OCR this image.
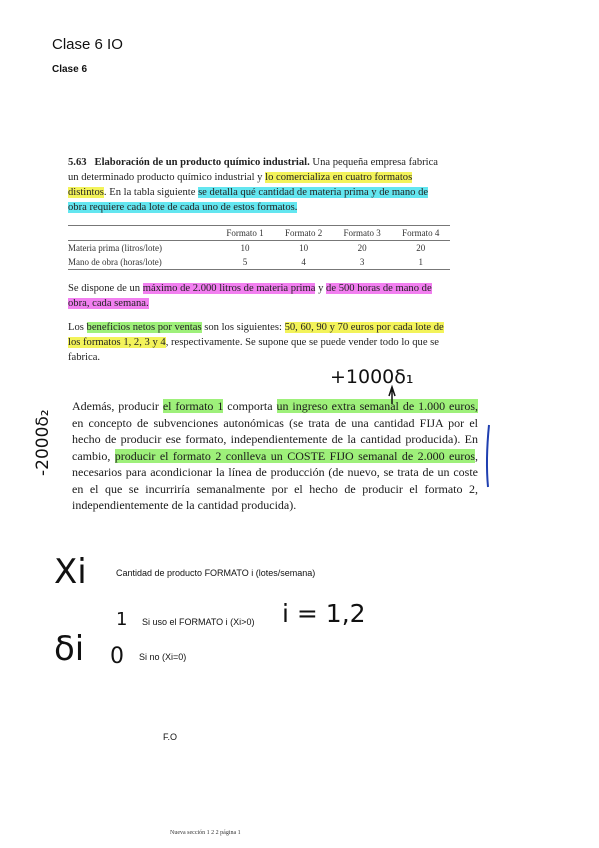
Clase 6 IO
Clase 6
5.63 Elaboración de un producto químico industrial. Una pequeña empresa fabrica un determinado producto químico industrial y lo comercializa en cuatro formatos distintos. En la tabla siguiente se detalla qué cantidad de materia prima y de mano de obra requiere cada lote de cada uno de estos formatos.
	Formato 1	Formato 2	Formato 3	Formato 4
Materia prima (litros/lote)	10	10	20	20
Mano de obra (horas/lote)	5	4	3	1
Se dispone de un máximo de 2.000 litros de materia prima y de 500 horas de mano de obra, cada semana.
Los beneficios netos por ventas son los siguientes: 50, 60, 90 y 70 euros por cada lote de los formatos 1, 2, 3 y 4, respectivamente. Se supone que se puede vender todo lo que se fabrica.
Además, producir el formato 1 comporta un ingreso extra semanal de 1.000 euros, en concepto de subvenciones autonómicas (se trata de una cantidad FIJA por el hecho de producir ese formato, independientemente de la cantidad producida). En cambio, producir el formato 2 conlleva un COSTE FIJO semanal de 2.000 euros, necesarios para acondicionar la línea de producción (de nuevo, se trata de un coste en el que se incurriría semanalmente por el hecho de producir el formato 2, independientemente de la cantidad producida).
Cantidad de producto FORMATO i (lotes/semana)
Si uso el FORMATO i (Xi>0)
Si no (Xi=0)
F.O
+1000δ₁
-2000δ₂
Xi
δi
1
0
i = 1,2
Nueva sección 1 2 2 página 1
